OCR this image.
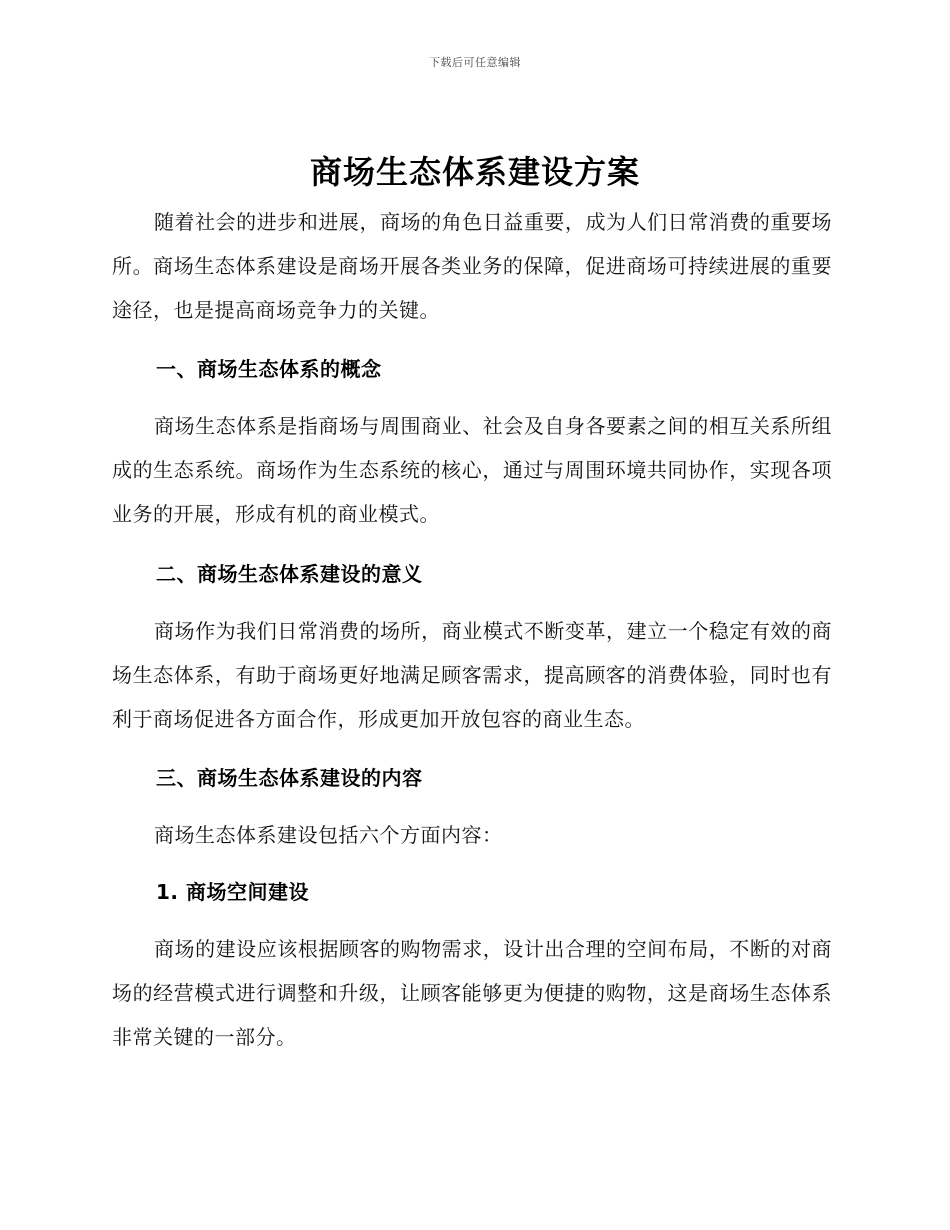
下载后可任意编辑
商场生态体系建设方案

随着社会的进步和进展，商场的角色日益重要，成为人们日常消费的重要场所。商场生态体系建设是商场开展各类业务的保障，促进商场可持续进展的重要途径，也是提高商场竞争力的关键。

一、商场生态体系的概念

商场生态体系是指商场与周围商业、社会及自身各要素之间的相互关系所组成的生态系统。商场作为生态系统的核心，通过与周围环境共同协作，实现各项业务的开展，形成有机的商业模式。

二、商场生态体系建设的意义

商场作为我们日常消费的场所，商业模式不断变革，建立一个稳定有效的商场生态体系，有助于商场更好地满足顾客需求，提高顾客的消费体验，同时也有利于商场促进各方面合作，形成更加开放包容的商业生态。

三、商场生态体系建设的内容

商场生态体系建设包括六个方面内容：

1. 商场空间建设

商场的建设应该根据顾客的购物需求，设计出合理的空间布局，不断的对商场的经营模式进行调整和升级，让顾客能够更为便捷的购物，这是商场生态体系非常关键的一部分。
